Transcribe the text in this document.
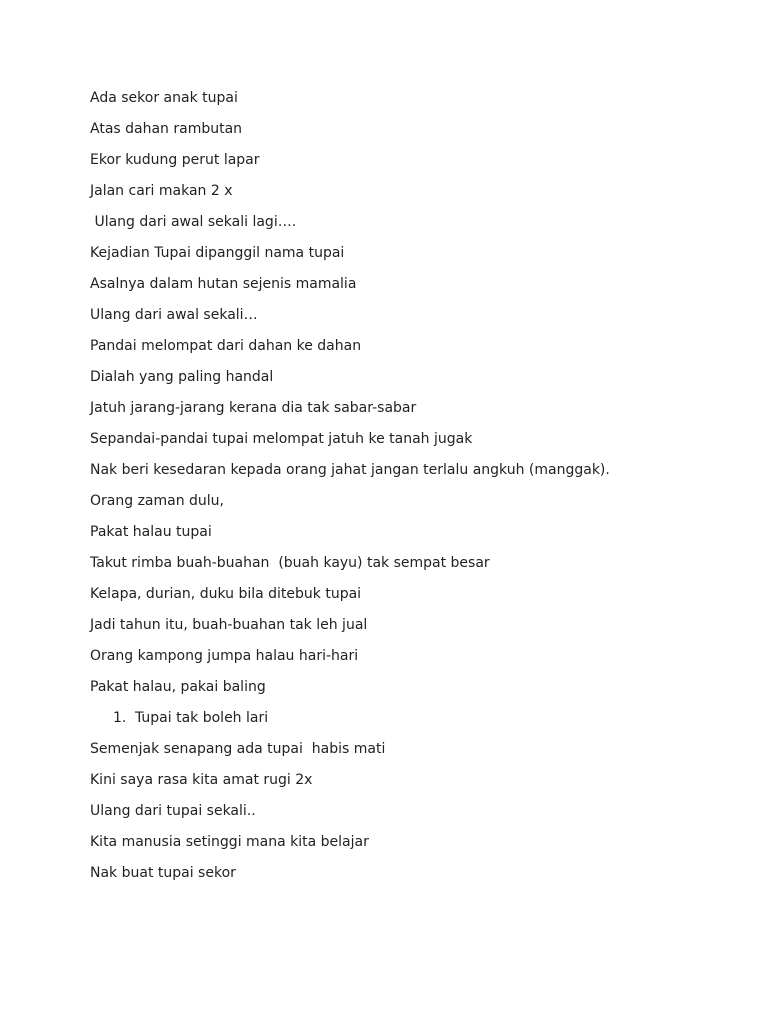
Ada sekor anak tupai

Atas dahan rambutan

Ekor kudung perut lapar

Jalan cari makan 2 x

Ulang dari awal sekali lagi….

Kejadian Tupai dipanggil nama tupai

Asalnya dalam hutan sejenis mamalia

Ulang dari awal sekali…

Pandai melompat dari dahan ke dahan

Dialah yang paling handal

Jatuh jarang-jarang kerana dia tak sabar-sabar

Sepandai-pandai tupai melompat jatuh ke tanah jugak

Nak beri kesedaran kepada orang jahat jangan terlalu angkuh (manggak).

Orang zaman dulu,

Pakat halau tupai

Takut rimba buah-buahan  (buah kayu) tak sempat besar

Kelapa, durian, duku bila ditebuk tupai

Jadi tahun itu, buah-buahan tak leh jual

Orang kampong jumpa halau hari-hari

Pakat halau, pakai baling

1. Tupai tak boleh lari

Semenjak senapang ada tupai  habis mati

Kini saya rasa kita amat rugi 2x

Ulang dari tupai sekali..

Kita manusia setinggi mana kita belajar

Nak buat tupai sekor
